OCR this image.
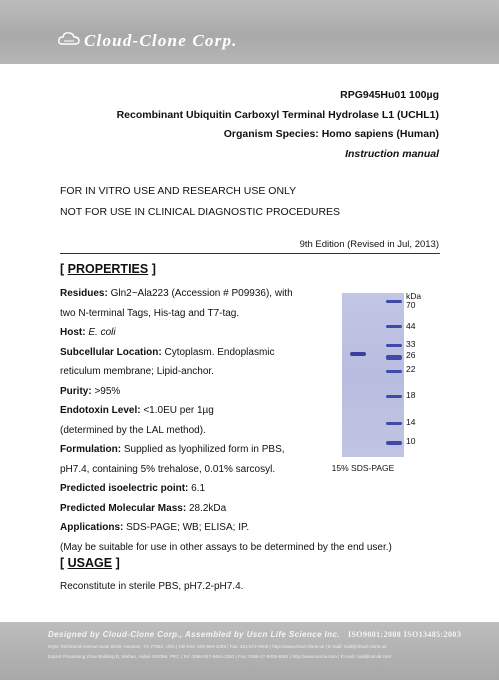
Cloud-Clone Corp.
RPG945Hu01 100µg
Recombinant Ubiquitin Carboxyl Terminal Hydrolase L1 (UCHL1)
Organism Species: Homo sapiens (Human)
Instruction manual
FOR IN VITRO USE AND RESEARCH USE ONLY
NOT FOR USE IN CLINICAL DIAGNOSTIC PROCEDURES
9th Edition (Revised in Jul, 2013)
[ PROPERTIES ]
Residues: Gln2~Ala223 (Accession # P09936), with
two N-terminal Tags, His-tag and T7-tag.
Host: E. coli
Subcellular Location: Cytoplasm. Endoplasmic
reticulum membrane; Lipid-anchor.
Purity: >95%
Endotoxin Level: <1.0EU per 1µg
(determined by the LAL method).
Formulation: Supplied as lyophilized form in PBS,
pH7.4, containing 5% trehalose, 0.01% sarcosyl.
Predicted isoelectric point: 6.1
Predicted Molecular Mass: 28.2kDa
Applications: SDS-PAGE; WB; ELISA; IP.
(May be suitable for use in other assays to be determined by the end user.)
kDa
70
44
33
26
22
18
14
10
15% SDS-PAGE
[ USAGE ]
Reconstitute in sterile PBS, pH7.2-pH7.4.
Designed by Cloud-Clone Corp., Assembled by Uscn Life Science Inc. ISO9001:2008 ISO13485:2003
HQS: Richmond Avenue Suite 9019, Houston, TX 77082, USA | Toll-free: 800-993-1009 | Fax: 281-572-0008 | http://www.cloud-clone.us | E-mail: mail@cloud-clone.us
Export Processing Zone Building B, Wuhan, Hubei 430056, PRC | Tel: 0086-027-8461-2281 | Fax: 0086-27-8425-9551 | http://www.uscnk.com | E-mail: mail@uscnk.com
